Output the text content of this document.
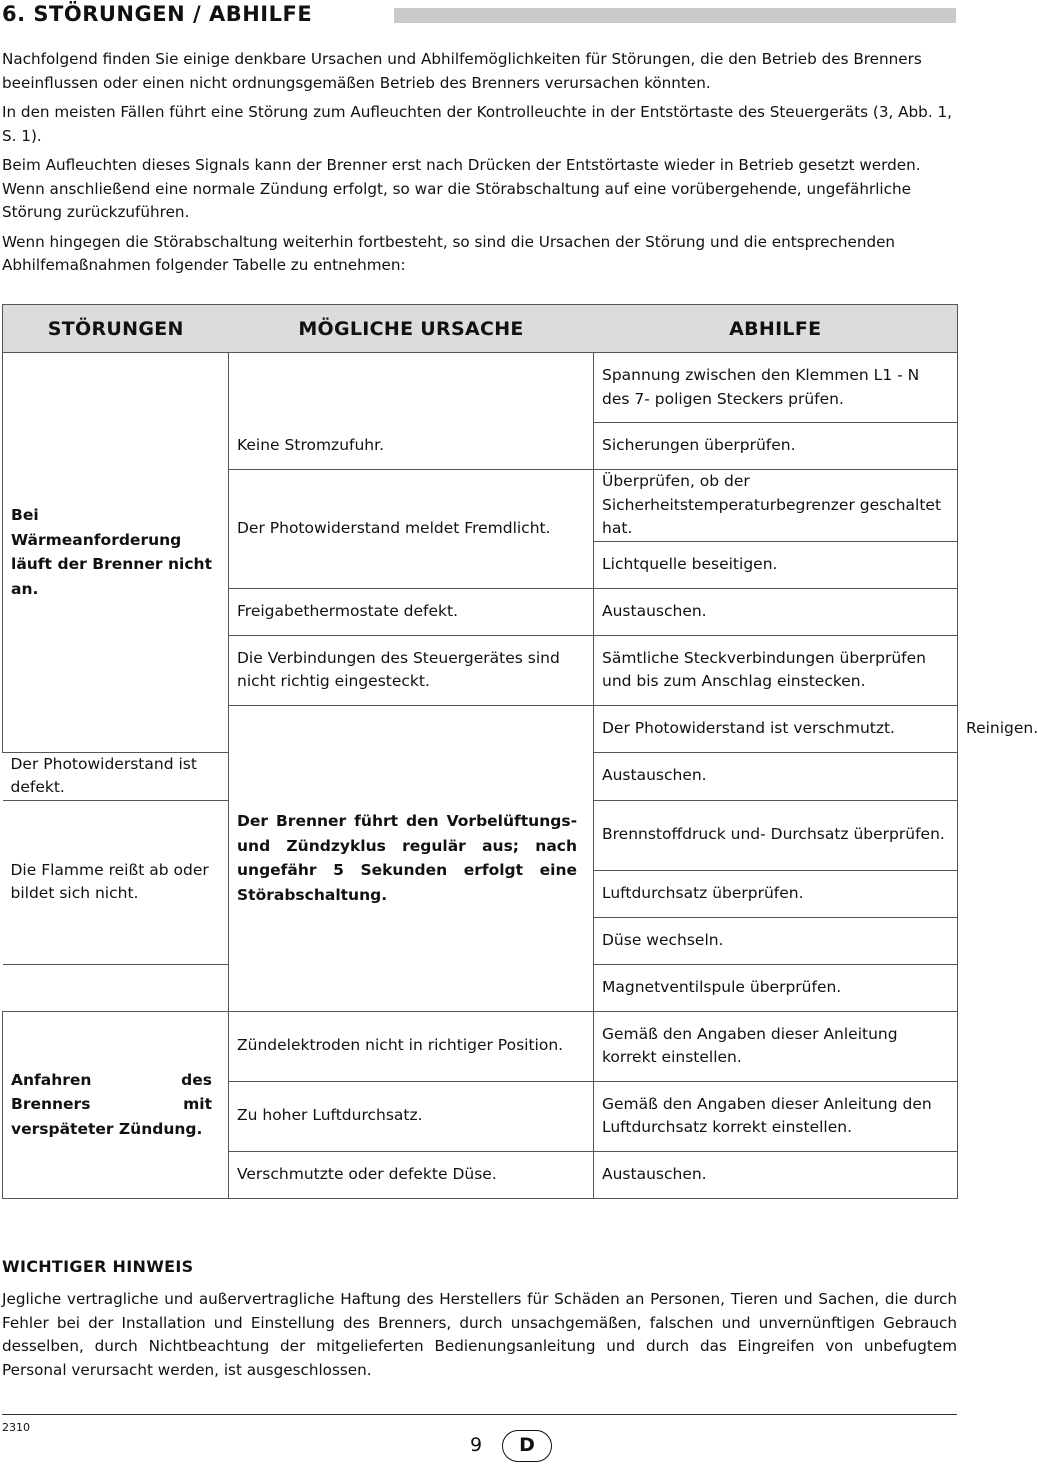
6. STÖRUNGEN / ABHILFE

Nachfolgend finden Sie einige denkbare Ursachen und Abhilfemöglichkeiten für Störungen, die den Betrieb des Brenners beeinflussen oder einen nicht ordnungsgemäßen Betrieb des Brenners verursachen könnten.

In den meisten Fällen führt eine Störung zum Aufleuchten der Kontrolleuchte in der Entstörtaste des Steuergeräts (3, Abb. 1, S. 1).

Beim Aufleuchten dieses Signals kann der Brenner erst nach Drücken der Entstörtaste wieder in Betrieb gesetzt werden. Wenn anschließend eine normale Zündung erfolgt, so war die Störabschaltung auf eine vorübergehende, ungefährliche Störung zurückzuführen.

Wenn hingegen die Störabschaltung weiterhin fortbesteht, so sind die Ursachen der Störung und die entsprechenden Abhilfemaßnahmen folgender Tabelle zu entnehmen:

STÖRUNGEN	MÖGLICHE URSACHE	ABHILFE	
Bei Wärmeanforderung läuft der Brenner nicht an.		Spannung zwischen den Klemmen L1 - N des 7- poligen Steckers prüfen.	
	Keine Stromzufuhr.	Sicherungen überprüfen.	
	Der Photowiderstand meldet Fremdlicht.	Überprüfen, ob der Sicherheitstemperaturbegrenzer geschaltet hat.	
		Lichtquelle beseitigen.	
	Freigabethermostate defekt.	Austauschen.	
	Die Verbindungen des Steuergerätes sind nicht richtig eingesteckt.	Sämtliche Steckverbindungen überprüfen und bis zum Anschlag einstecken.	
	Der Brenner führt den Vorbelüftungs- und Zündzyklus regulär aus; nach ungefähr 5 Sekunden erfolgt eine Störabschaltung.	Der Photowiderstand ist verschmutzt.	Reinigen.
Der Photowiderstand ist defekt.		Austauschen.	
Die Flamme reißt ab oder bildet sich nicht.		Brennstoffdruck und- Durchsatz überprüfen.	
		Luftdurchsatz überprüfen.	
		Düse wechseln.	
		Magnetventilspule überprüfen.	
Anfahren des Brenners mit verspäteter Zündung.	Zündelektroden nicht in richtiger Position.	Gemäß den Angaben dieser Anleitung korrekt einstellen.	
	Zu hoher Luftdurchsatz.	Gemäß den Angaben dieser Anleitung den Luftdurchsatz korrekt einstellen.	
	Verschmutzte oder defekte Düse.	Austauschen.	
WICHTIGER HINWEIS
Jegliche vertragliche und außervertragliche Haftung des Herstellers für Schäden an Personen, Tieren und Sachen, die durch Fehler bei der Installation und Einstellung des Brenners, durch unsachgemäßen, falschen und unvernünftigen Gebrauch desselben, durch Nichtbeachtung der mitgelieferten Bedienungsanleitung und durch das Eingreifen von unbefugtem Personal verursacht werden, ist ausgeschlossen.
2310
9	D
